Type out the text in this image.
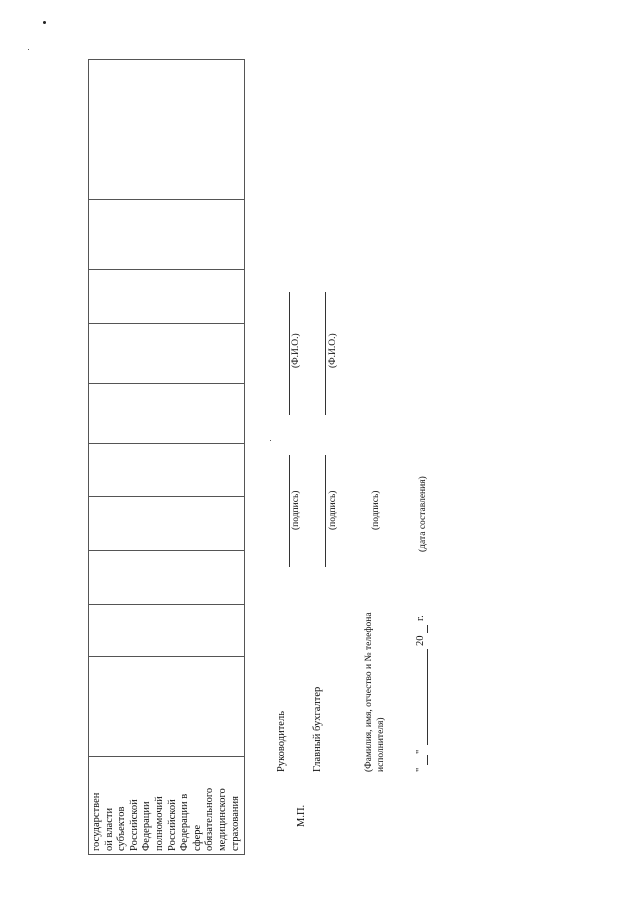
государствен
ой власти
субъектов
Российской
Федерации
полномочий
Российской
Федерации в
сфере
обязательного
медицинского
страхования											М.П.
Руководитель
(подпись)
(Ф.И.О.)
Главный бухгалтер
(подпись)
(Ф.И.О.)
(Фамилия, имя, отчество и № телефона исполнителя)
(подпись)
"
"
20
г.
(дата составления)
